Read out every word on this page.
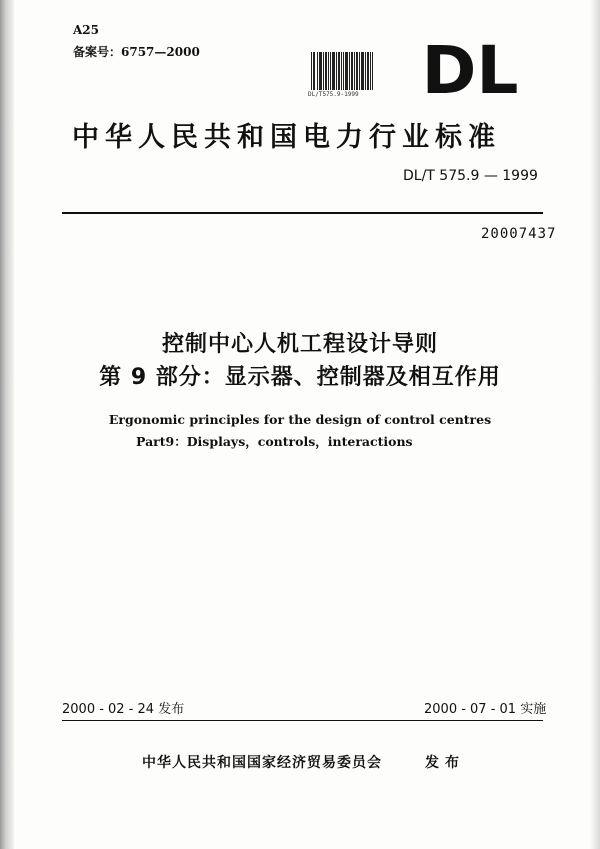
A25
备案号：6757—2000
DL/T575.9-1999 DL
中华人民共和国电力行业标准
DL/T 575.9 — 1999
20007437
控制中心人机工程设计导则
第 9 部分：显示器、控制器及相互作用
Ergonomic principles for the design of control centres
Part9：Displays，controls，interactions
2000 - 02 - 24 发布	2000 - 07 - 01 实施
中华人民共和国国家经济贸易委员会	发布
